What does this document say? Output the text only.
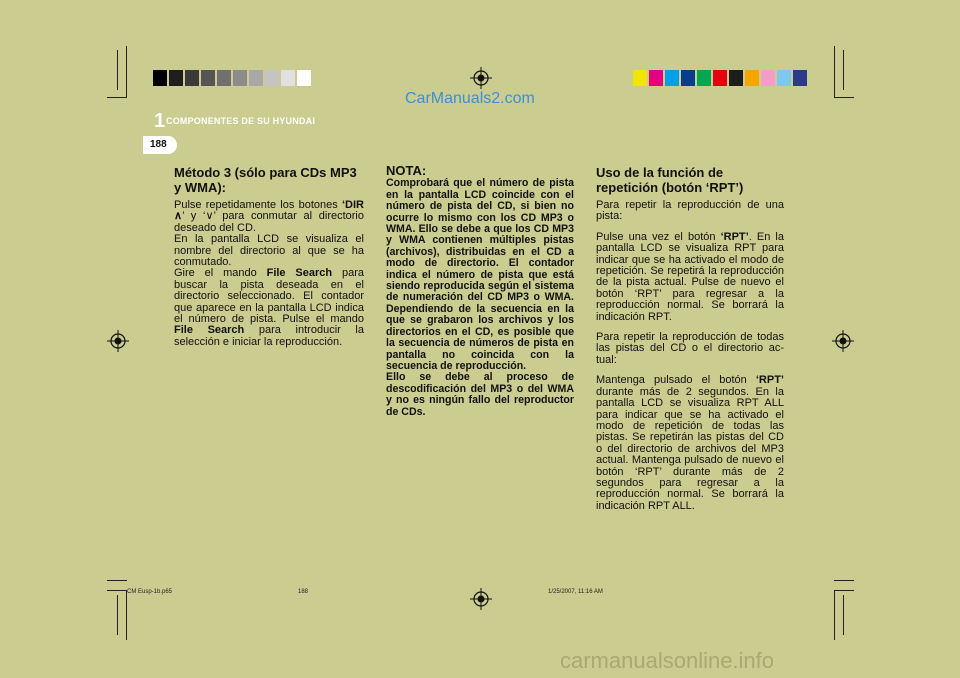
CarManuals2.com
1 COMPONENTES DE SU HYUNDAI
188
Método 3 (sólo para CDs MP3 y WMA):

Pulse repetidamente los botones ‘DIR ∧’ y ‘∨’ para conmutar al directorio deseado del CD.
En la pantalla LCD se visualiza el nombre del directorio al que se ha conmutado.
Gire el mando File Search para buscar la pista deseada en el directorio seleccionado. El contador que aparece en la pantalla LCD indica el número de pista. Pulse el mando File Search para introducir la selección e iniciar la reproducción.

NOTA:

Comprobará que el número de pista en la pantalla LCD coincide con el número de pista del CD, si bien no ocurre lo mismo con los CD MP3 o WMA. Ello se debe a que los CD MP3 y WMA contienen múltiples pistas (archivos), distribuidas en el CD a modo de directorio. El contador indica el número de pista que está siendo reproducida según el sistema de numeración del CD MP3 o WMA. Dependiendo de la secuencia en la que se grabaron los archivos y los directorios en el CD, es posible que la secuencia de números de pista en pantalla no coincida con la secuencia de reproducción.
Ello se debe al proceso de descodificación del MP3 o del WMA y no es ningún fallo del reproductor de CDs.

Uso de la función de repetición (botón ‘RPT’)

Para repetir la reproducción de una pista:

Pulse una vez el botón ‘RPT’. En la pantalla LCD se visualiza RPT para indicar que se ha activado el modo de repetición. Se repetirá la reproducción de la pista actual. Pulse de nuevo el botón ‘RPT’ para regresar a la reproducción normal. Se borrará la indicación RPT.

Para repetir la reproducción de todas las pistas del CD o el directorio ac-tual:

Mantenga pulsado el botón ‘RPT’ durante más de 2 segundos. En la pantalla LCD se visualiza RPT ALL para indicar que se ha activado el modo de repetición de todas las pistas. Se repetirán las pistas del CD o del directorio de archivos del MP3 actual. Mantenga pulsado de nuevo el botón ‘RPT’ durante más de 2 segundos para regresar a la reproducción normal. Se borrará la indicación RPT ALL.

CM Eusp-1b.p65	188	1/25/2007, 11:16 AM
carmanualsonline.info
